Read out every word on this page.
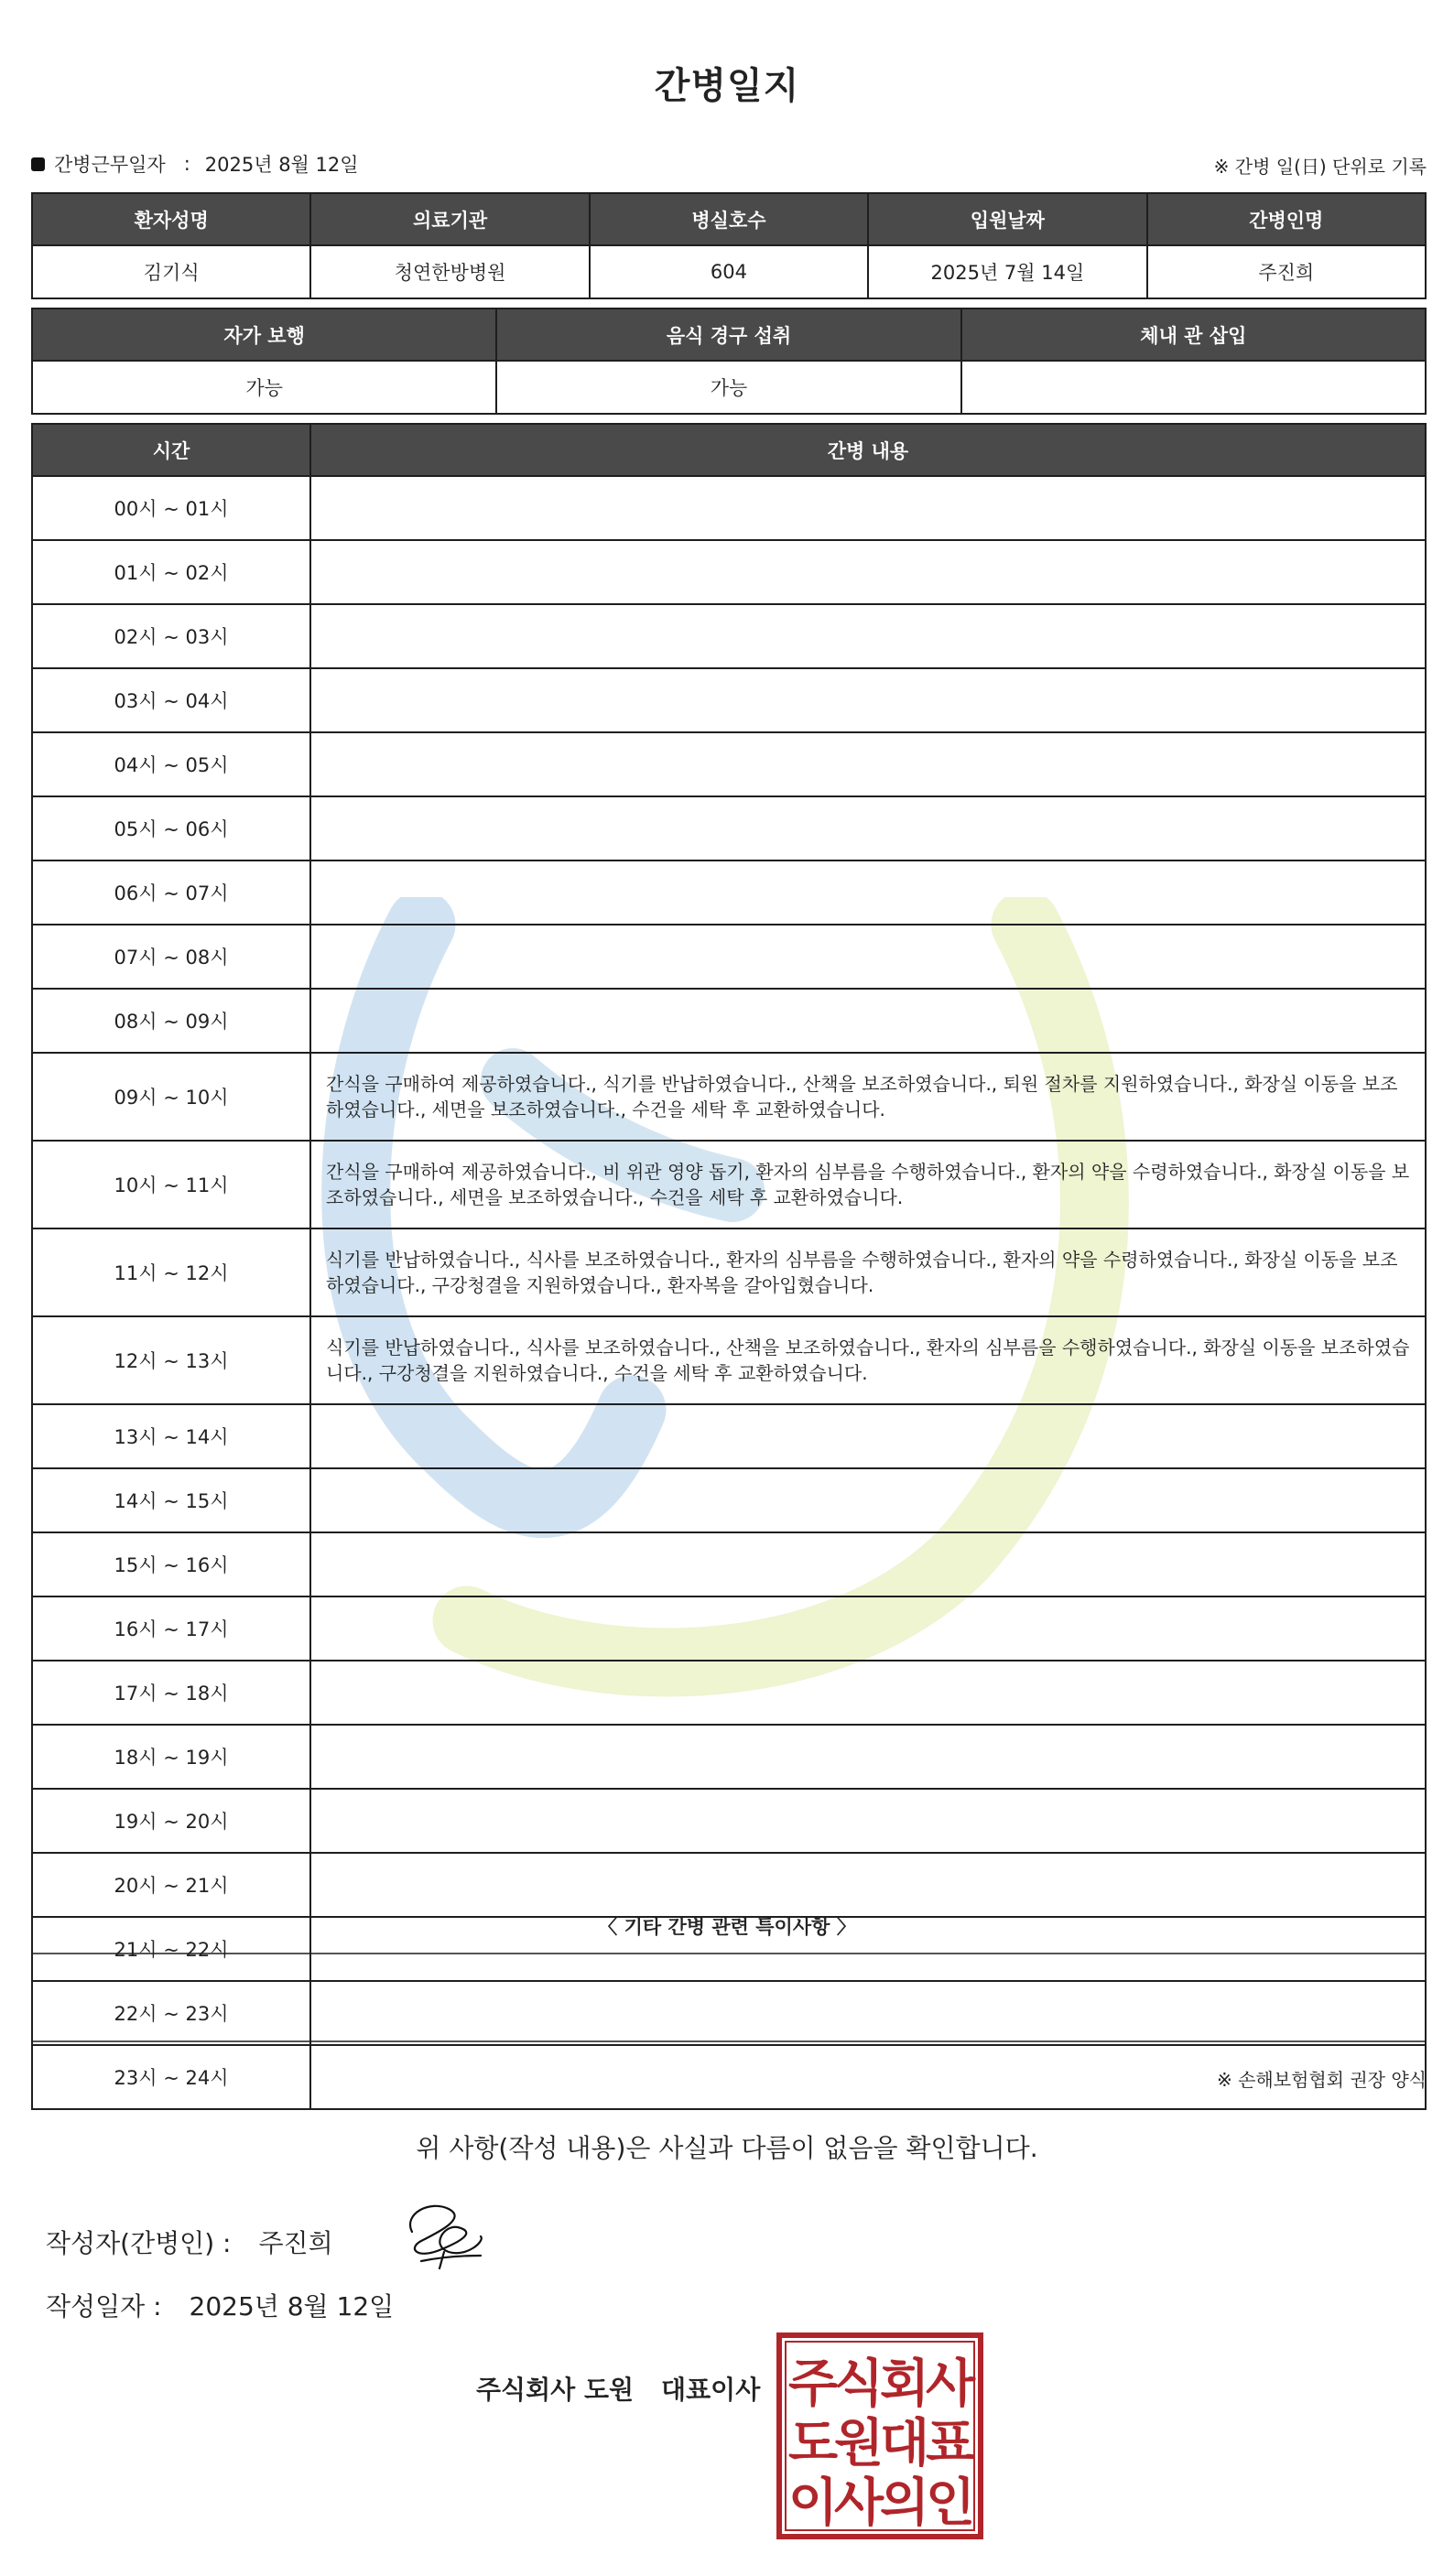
간병일지
간병근무일자 : 2025년 8월 12일	※ 간병 일(日) 단위로 기록
환자성명	의료기관	병실호수	입원날짜	간병인명
김기식	청연한방병원	604	2025년 7월 14일	주진희
자가 보행	음식 경구 섭취	체내 관 삽입
가능	가능	
시간	간병 내용
00시 ~ 01시	
01시 ~ 02시	
02시 ~ 03시	
03시 ~ 04시	
04시 ~ 05시	
05시 ~ 06시	
06시 ~ 07시	
07시 ~ 08시	
08시 ~ 09시	
09시 ~ 10시	간식을 구매하여 제공하였습니다., 식기를 반납하였습니다., 산책을 보조하였습니다., 퇴원 절차를 지원하였습니다., 화장실 이동을 보조하였습니다., 세면을 보조하였습니다., 수건을 세탁 후 교환하였습니다.
10시 ~ 11시	간식을 구매하여 제공하였습니다., 비 위관 영양 돕기, 환자의 심부름을 수행하였습니다., 환자의 약을 수령하였습니다., 화장실 이동을 보조하였습니다., 세면을 보조하였습니다., 수건을 세탁 후 교환하였습니다.
11시 ~ 12시	식기를 반납하였습니다., 식사를 보조하였습니다., 환자의 심부름을 수행하였습니다., 환자의 약을 수령하였습니다., 화장실 이동을 보조하였습니다., 구강청결을 지원하였습니다., 환자복을 갈아입혔습니다.
12시 ~ 13시	식기를 반납하였습니다., 식사를 보조하였습니다., 산책을 보조하였습니다., 환자의 심부름을 수행하였습니다., 화장실 이동을 보조하였습니다., 구강청결을 지원하였습니다., 수건을 세탁 후 교환하였습니다.
13시 ~ 14시	
14시 ~ 15시	
15시 ~ 16시	
16시 ~ 17시	
17시 ~ 18시	
18시 ~ 19시	
19시 ~ 20시	
20시 ~ 21시	
21시 ~ 22시	
22시 ~ 23시	
23시 ~ 24시	
〈 기타 간병 관련 특이사항 〉
※ 손해보험협회 권장 양식
위 사항(작성 내용)은 사실과 다름이 없음을 확인합니다.
작성자(간병인) : 주진희
작성일자 : 2025년 8월 12일
주식회사 도원 대표이사 주
식
회
사
도
원
대
표
이
사
의
인
